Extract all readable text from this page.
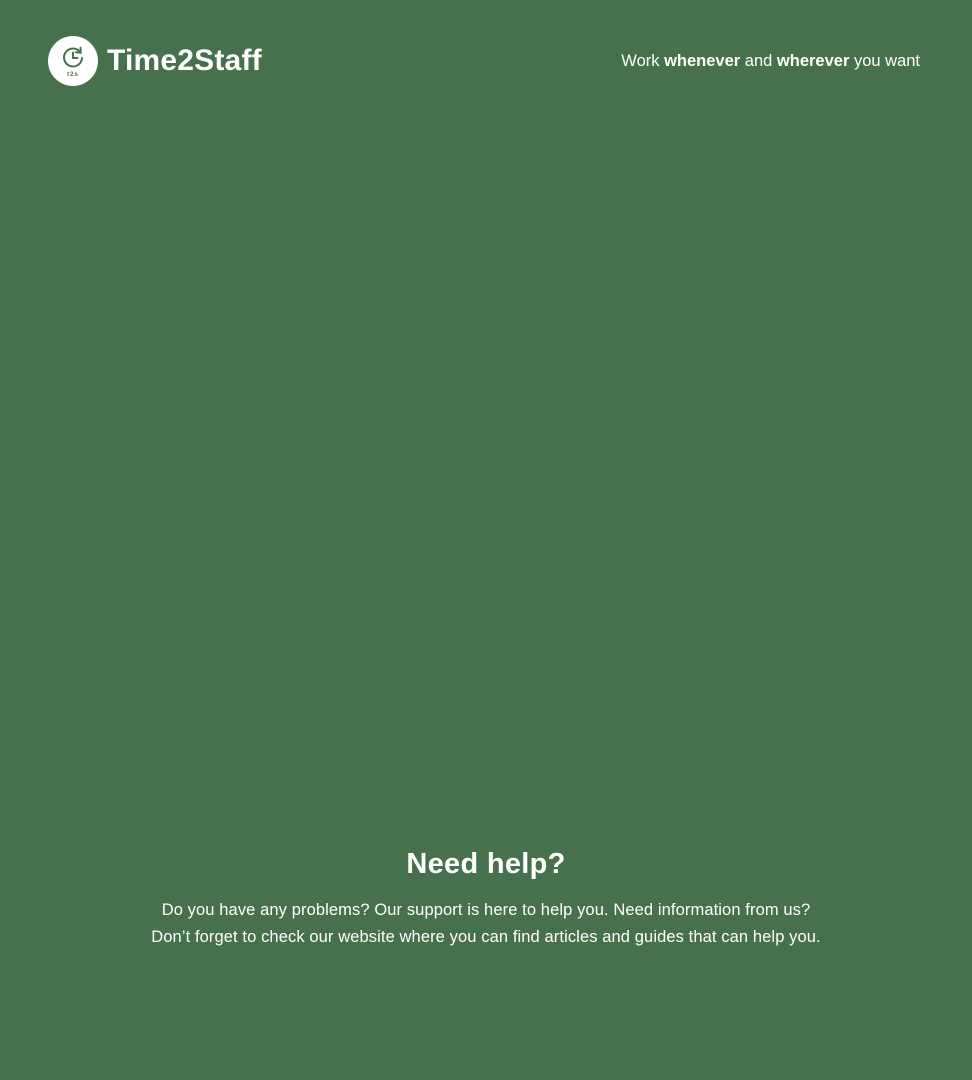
t2s Time2Staff	Work whenever and wherever you want
Need help?

Do you have any problems? Our support is here to help you. Need information from us? Don’t forget to check our website where you can find articles and guides that can help you.
